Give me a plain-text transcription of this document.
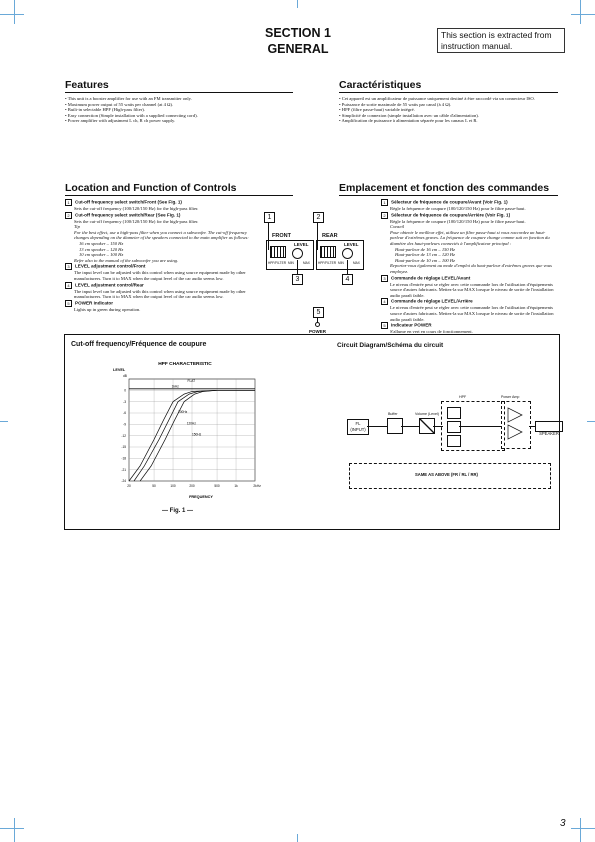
SECTION 1
GENERAL
This section is extracted from instruction manual.
Features
• This unit is a booster amplifier for use with an FM transmitter only.
• Maximum power output of 55 watts per channel (at 4 Ω).
• Built-in selectable HPF (High-pass filter).
• Easy connection (Simple installation with a supplied connecting cord).
• Power amplifier with adjustment L ch, R ch power supply.
Caractéristiques
• Cet appareil est un amplificateur de puissance uniquement destiné à être raccordé via un connecteur ISO.
• Puissance de sortie maximale de 55 watts par canal (à 4 Ω).
• HPF (filtre passe-haut) variable intégré.
• Simplicité de connexion (simple installation avec un câble d'alimentation).
• Amplification de puissance à alimentation séparée pour les canaux L et R.
Location and Function of Controls
1 Cut-off frequency select switch/Front (See Fig. 1)
Sets the cut-off frequency (100/120/150 Hz) for the high-pass filter.
2 Cut-off frequency select switch/Rear (See Fig. 1)
Sets the cut-off frequency (100/120/150 Hz) for the high-pass filter.
Tip
For the best effect, use a high-pass filter when you connect a subwoofer. The cut-off frequency changes depending on the diameter of the speakers connected to the main amplifier as follows:
16 cm speaker – 150 Hz
13 cm speaker – 120 Hz
10 cm speaker – 100 Hz
Refer also to the manual of the subwoofer you are using.
3 LEVEL adjustment control/Front
The input level can be adjusted with this control when using source equipment made by other manufacturers. Turn it to MAX when the output level of the car audio seems low.
4 LEVEL adjustment control/Rear
The input level can be adjusted with this control when using source equipment made by other manufacturers. Turn it to MAX when the output level of the car audio seems low.
5 POWER indicator
Lights up in green during operation.
Emplacement et fonction des commandes
1 Sélecteur de fréquence de coupure/Avant (Voir Fig. 1)
Règle la fréquence de coupure (100/120/150 Hz) pour le filtre passe-haut.
2 Sélecteur de fréquence de coupure/Arrière (Voir Fig. 1)
Règle la fréquence de coupure (100/120/150 Hz) pour le filtre passe-haut.
Conseil
Pour obtenir le meilleur effet, utilisez un filtre passe-haut si vous raccordez un haut-parleur d'extrêmes graves. La fréquence de coupure change comme suit en fonction du diamètre des haut-parleurs connectés à l'amplificateur principal :
Haut-parleur de 16 cm – 150 Hz
Haut-parleur de 13 cm – 120 Hz
Haut-parleur de 10 cm – 100 Hz
Reportez-vous également au mode d'emploi du haut-parleur d'extrêmes graves que vous employez.
3 Commande de réglage LEVEL/Avant
Le niveau d'entrée peut se régler avec cette commande lors de l'utilisation d'équipements source d'autres fabricants. Mettez-la sur MAX lorsque le niveau de sortie de l'installation audio paraît faible.
4 Commande de réglage LEVEL/Arrière
Le niveau d'entrée peut se régler avec cette commande lors de l'utilisation d'équipements source d'autres fabricants. Mettez-la sur MAX lorsque le niveau de sortie de l'installation audio paraît faible.
5 Indicateur POWER
S'allume en vert en cours de fonctionnement.
1	2
FRONT	REAR
LEVEL	LEVEL
HPF/FILTER	HPF/FILTER
MIN	MAX	MIN	MAX
3	4
5
POWER
Cut-off frequency/Fréquence de coupure	Circuit Diagram/Schéma du circuit
— Fig. 1 —
HPF CHARACTERISTIC
LEVEL
dB
FREQUENCY
Hz
20	50	100	200	500	1k	2k
0
-3
-6
-9
-12
-15
-18
-21
-24
FLAT
1kHz
100Hz
120Hz
150Hz
FL (INPUT)
Buffer	Volume (Level)
HPF	Power Amp
SPEAKER
SAME AS ABOVE (FR / RL / RR)
3
